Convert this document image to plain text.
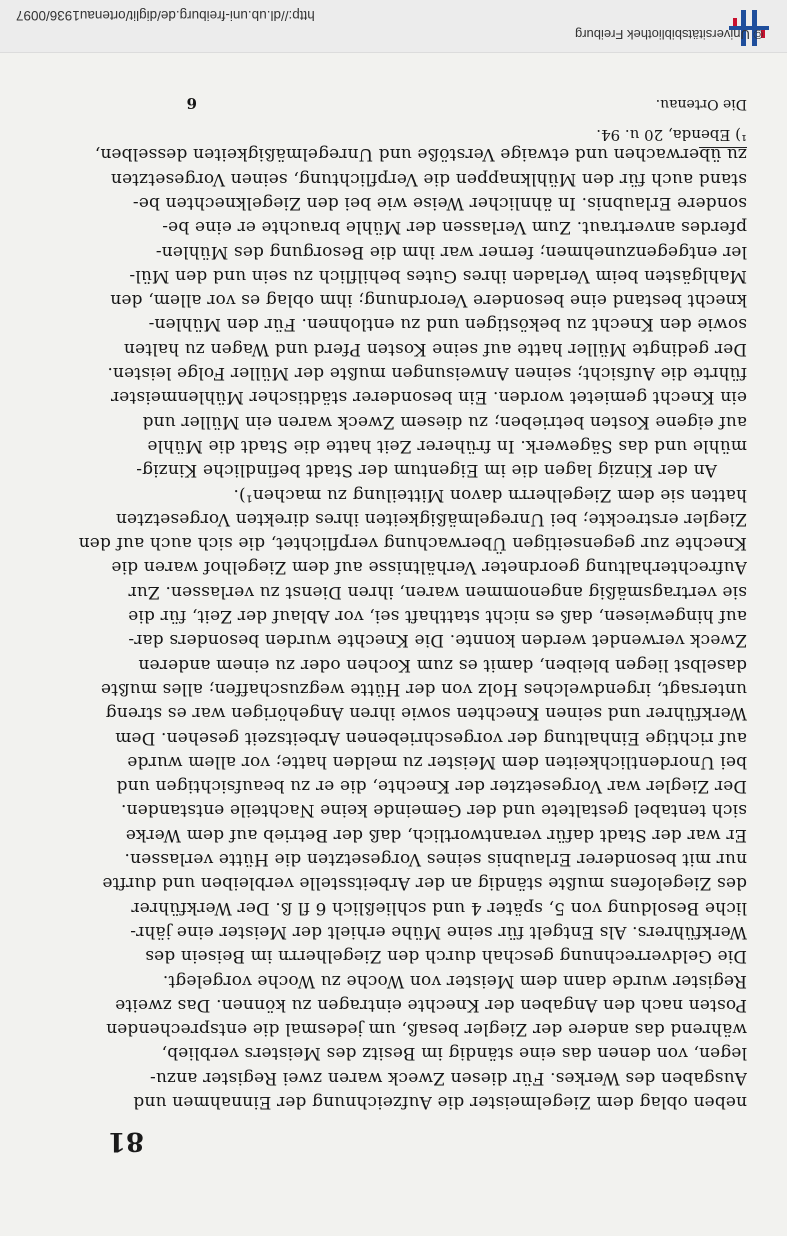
81
neben oblag dem Ziegelmeister die Aufzeichnung der Einnahmen und
Ausgaben des Werkes. Für diesen Zweck waren zwei Register anzu-
legen, von denen das eine ständig im Besitz des Meisters verblieb,
während das andere der Ziegler besaß, um jedesmal die entsprechenden
Posten nach den Angaben der Knechte eintragen zu können. Das zweite
Register wurde dann dem Meister von Woche zu Woche vorgelegt.
Die Geldverrechnung geschah durch den Ziegelherrn im Beisein des
Werkführers. Als Entgelt für seine Mühe erhielt der Meister eine jähr-
liche Besoldung von 5, später 4 und schließlich 6 fl ß. Der Werkführer
des Ziegelofens mußte ständig an der Arbeitsstelle verbleiben und durfte
nur mit besonderer Erlaubnis seines Vorgesetzten die Hütte verlassen.
Er war der Stadt dafür verantwortlich, daß der Betrieb auf dem Werke
sich tentabel gestaltete und der Gemeinde keine Nachteile entstanden.
Der Ziegler war Vorgesetzter der Knechte, die er zu beaufsichtigen und
bei Unordentlichkeiten dem Meister zu melden hatte; vor allem wurde
auf richtige Einhaltung der vorgeschriebenen Arbeitszeit gesehen. Dem
Werkführer und seinen Knechten sowie ihren Angehörigen war es streng
untersagt, irgendwelches Holz von der Hütte wegzuschaffen; alles mußte
daselbst liegen bleiben, damit es zum Kochen oder zu einem anderen
Zweck verwendet werden konnte. Die Knechte wurden besonders dar-
auf hingewiesen, daß es nicht statthaft sei, vor Ablauf der Zeit, für die
sie vertragsmäßig angenommen waren, ihren Dienst zu verlassen. Zur
Aufrechterhaltung geordneter Verhältnisse auf dem Ziegelhof waren die
Knechte zur gegenseitigen Überwachung verpflichtet, die sich auch auf den
Ziegler erstreckte; bei Unregelmäßigkeiten ihres direkten Vorgesetzten
hatten sie dem Ziegelherrn davon Mitteilung zu machen¹).
An der Kinzig lagen die im Eigentum der Stadt befindliche Kinzig-
mühle und das Sägewerk. In früherer Zeit hatte die Stadt die Mühle
auf eigene Kosten betrieben; zu diesem Zweck waren ein Müller und
ein Knecht gemietet worden. Ein besonderer städtischer Mühlenmeister
führte die Aufsicht; seinen Anweisungen mußte der Müller Folge leisten.
Der gedingte Müller hatte auf seine Kosten Pferd und Wagen zu halten
sowie den Knecht zu beköstigen und zu entlohnen. Für den Mühlen-
knecht bestand eine besondere Verordnung; ihm oblag es vor allem, den
Mahlgästen beim Verladen ihres Gutes behilflich zu sein und den Mül-
ler entgegenzunehmen; ferner war ihm die Besorgung des Mühlen-
pferdes anvertraut. Zum Verlassen der Mühle brauchte er eine be-
sondere Erlaubnis. In ähnlicher Weise wie bei den Ziegelknechten be-
stand auch für den Mühlknappen die Verpflichtung, seinen Vorgesetzten
zu überwachen und etwaige Verstöße und Unregelmäßigkeiten desselben,
¹) Ebenda, 20 u. 94.
Die Ortenau.
6
© Universitätsbibliothek Freiburg
http://dl.ub.uni-freiburg.de/diglit/ortenau1936/0097
